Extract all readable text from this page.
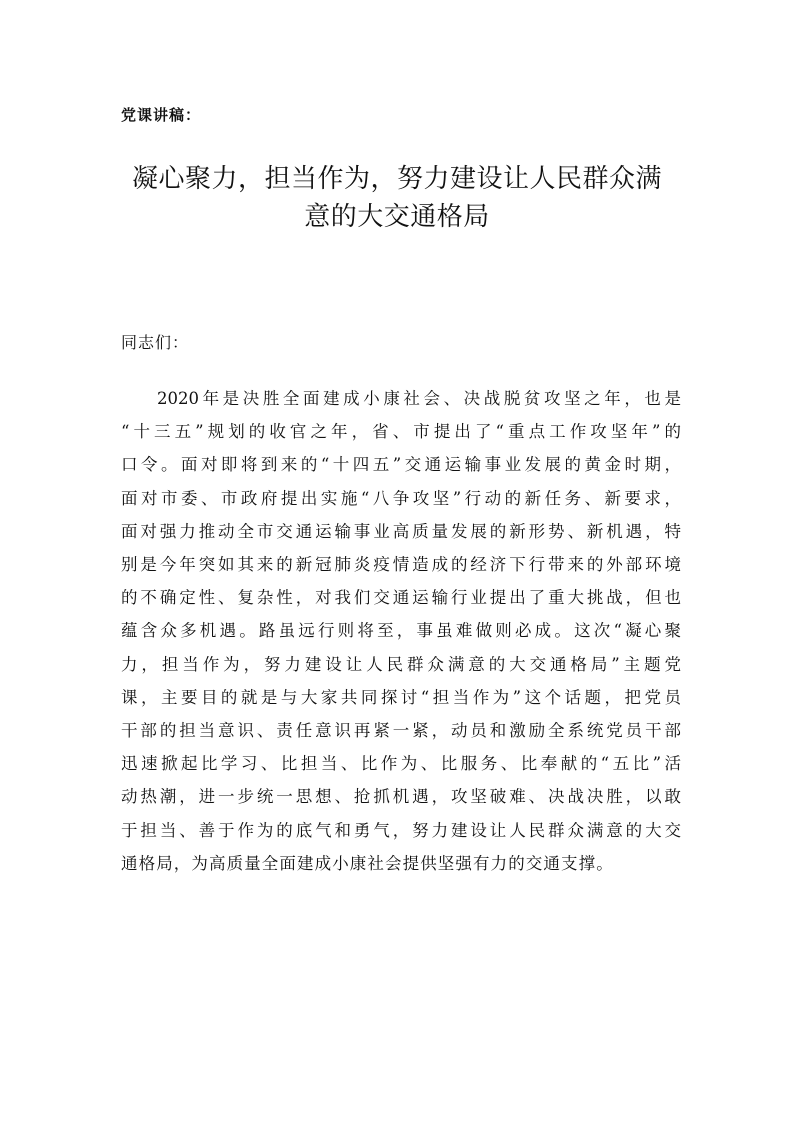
党课讲稿：
凝心聚力，担当作为，努力建设让人民群众满
意的大交通格局
同志们：
2020年是决胜全面建成小康社会、决战脱贫攻坚之年，也是
“十三五”规划的收官之年，省、市提出了“重点工作攻坚年”的
口令。面对即将到来的“十四五”交通运输事业发展的黄金时期，
面对市委、市政府提出实施“八争攻坚”行动的新任务、新要求，
面对强力推动全市交通运输事业高质量发展的新形势、新机遇，特
别是今年突如其来的新冠肺炎疫情造成的经济下行带来的外部环境
的不确定性、复杂性，对我们交通运输行业提出了重大挑战，但也
蕴含众多机遇。路虽远行则将至，事虽难做则必成。这次“凝心聚
力，担当作为，努力建设让人民群众满意的大交通格局”主题党
课，主要目的就是与大家共同探讨“担当作为”这个话题，把党员
干部的担当意识、责任意识再紧一紧，动员和激励全系统党员干部
迅速掀起比学习、比担当、比作为、比服务、比奉献的“五比”活
动热潮，进一步统一思想、抢抓机遇，攻坚破难、决战决胜，以敢
于担当、善于作为的底气和勇气，努力建设让人民群众满意的大交
通格局，为高质量全面建成小康社会提供坚强有力的交通支撑。
